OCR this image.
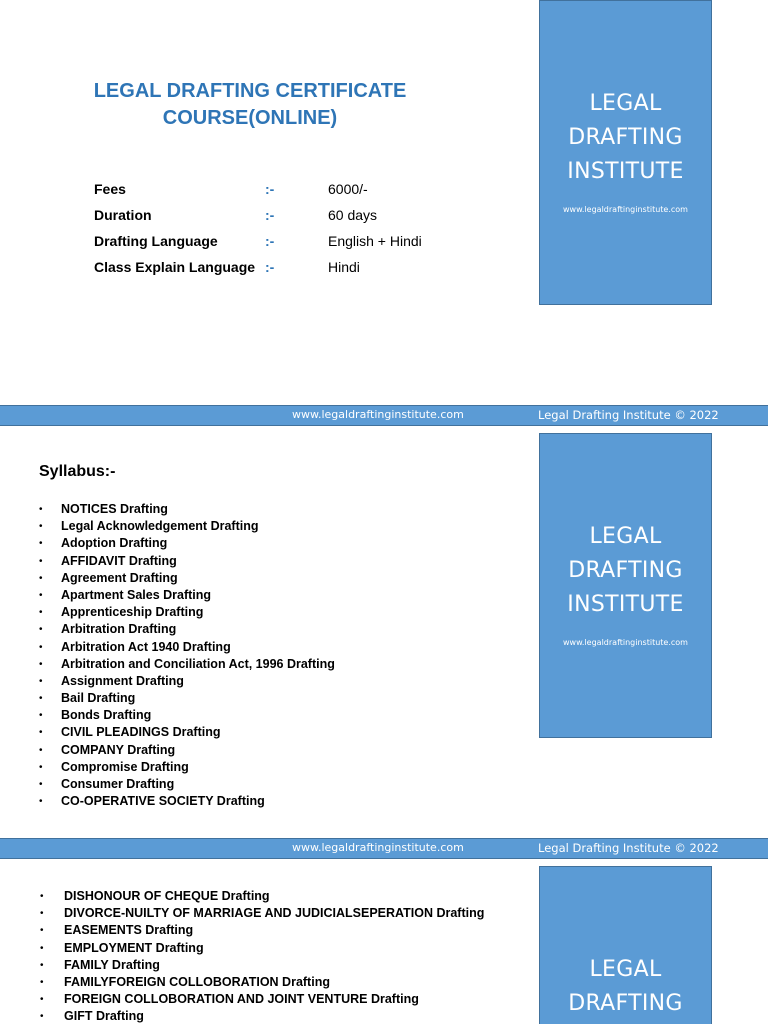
LEGAL DRAFTING CERTIFICATE
COURSE(ONLINE)
Fees	:-	6000/-
Duration	:-	60 days
Drafting Language	:-	English + Hindi
Class Explain Language :-	Hindi
LEGAL
DRAFTING
INSTITUTE
www.legaldraftinginstitute.com
www.legaldraftinginstitute.com	Legal Drafting Institute © 2022
Syllabus:-
• NOTICES Drafting
• Legal Acknowledgement Drafting
• Adoption Drafting
• AFFIDAVIT Drafting
• Agreement Drafting
• Apartment Sales Drafting
• Apprenticeship Drafting
• Arbitration Drafting
• Arbitration Act 1940 Drafting
• Arbitration and Conciliation Act, 1996 Drafting
• Assignment Drafting
• Bail Drafting
• Bonds Drafting
• CIVIL PLEADINGS Drafting
• COMPANY Drafting
• Compromise Drafting
• Consumer Drafting
• CO-OPERATIVE SOCIETY Drafting
LEGAL
DRAFTING
INSTITUTE
www.legaldraftinginstitute.com
www.legaldraftinginstitute.com	Legal Drafting Institute © 2022
• DISHONOUR OF CHEQUE Drafting
• DIVORCE-NUILTY OF MARRIAGE AND JUDICIALSEPERATION Drafting
• EASEMENTS Drafting
• EMPLOYMENT Drafting
• FAMILY Drafting
• FAMILYFOREIGN COLLOBORATION Drafting
• FOREIGN COLLOBORATION AND JOINT VENTURE Drafting
• GIFT Drafting
LEGAL
DRAFTING
